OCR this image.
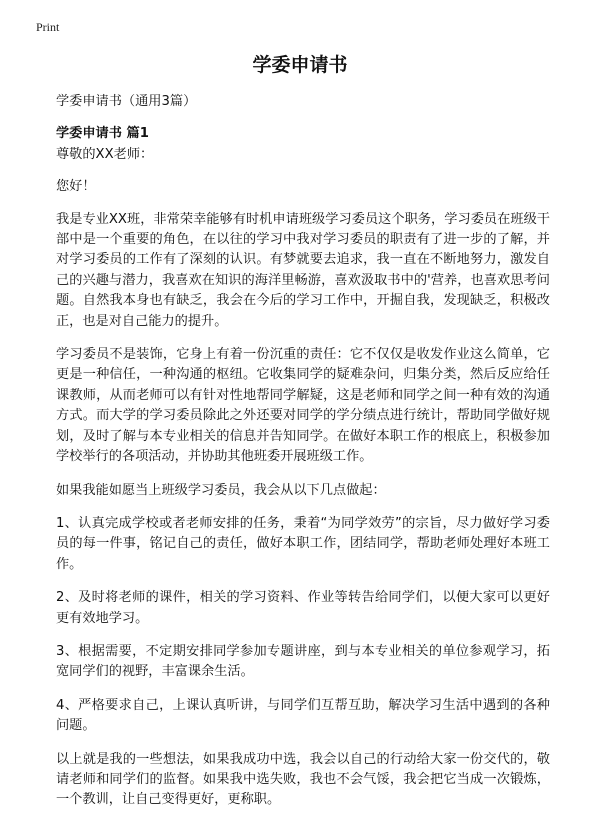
Print
学委申请书

学委申请书（通用3篇）

学委申请书 篇1

尊敬的XX老师：

您好！

我是专业XX班，非常荣幸能够有时机申请班级学习委员这个职务，学习委员在班级干部中是一个重要的角色，在以往的学习中我对学习委员的职责有了进一步的了解，并对学习委员的工作有了深刻的认识。有梦就要去追求，我一直在不断地努力，激发自己的兴趣与潜力，我喜欢在知识的海洋里畅游，喜欢汲取书中的'营养，也喜欢思考问题。自然我本身也有缺乏，我会在今后的学习工作中，开掘自我，发现缺乏，积极改正，也是对自己能力的提升。

学习委员不是装饰，它身上有着一份沉重的责任：它不仅仅是收发作业这么简单，它更是一种信任，一种沟通的枢纽。它收集同学的疑难杂问，归集分类，然后反应给任课教师，从而老师可以有针对性地帮同学解疑，这是老师和同学之间一种有效的沟通方式。而大学的学习委员除此之外还要对同学的学分绩点进行统计，帮助同学做好规划，及时了解与本专业相关的信息并告知同学。在做好本职工作的根底上，积极参加学校举行的各项活动，并协助其他班委开展班级工作。

如果我能如愿当上班级学习委员，我会从以下几点做起：

1、认真完成学校或者老师安排的任务，秉着“为同学效劳”的宗旨，尽力做好学习委员的每一件事，铭记自己的责任，做好本职工作，团结同学，帮助老师处理好本班工作。

2、及时将老师的课件，相关的学习资料、作业等转告给同学们，以便大家可以更好更有效地学习。

3、根据需要，不定期安排同学参加专题讲座，到与本专业相关的单位参观学习，拓宽同学们的视野，丰富课余生活。

4、严格要求自己，上课认真听讲，与同学们互帮互助，解决学习生活中遇到的各种问题。

以上就是我的一些想法，如果我成功中选，我会以自己的行动给大家一份交代的，敬请老师和同学们的监督。如果我中选失败，我也不会气馁，我会把它当成一次锻炼，一个教训，让自己变得更好，更称职。
